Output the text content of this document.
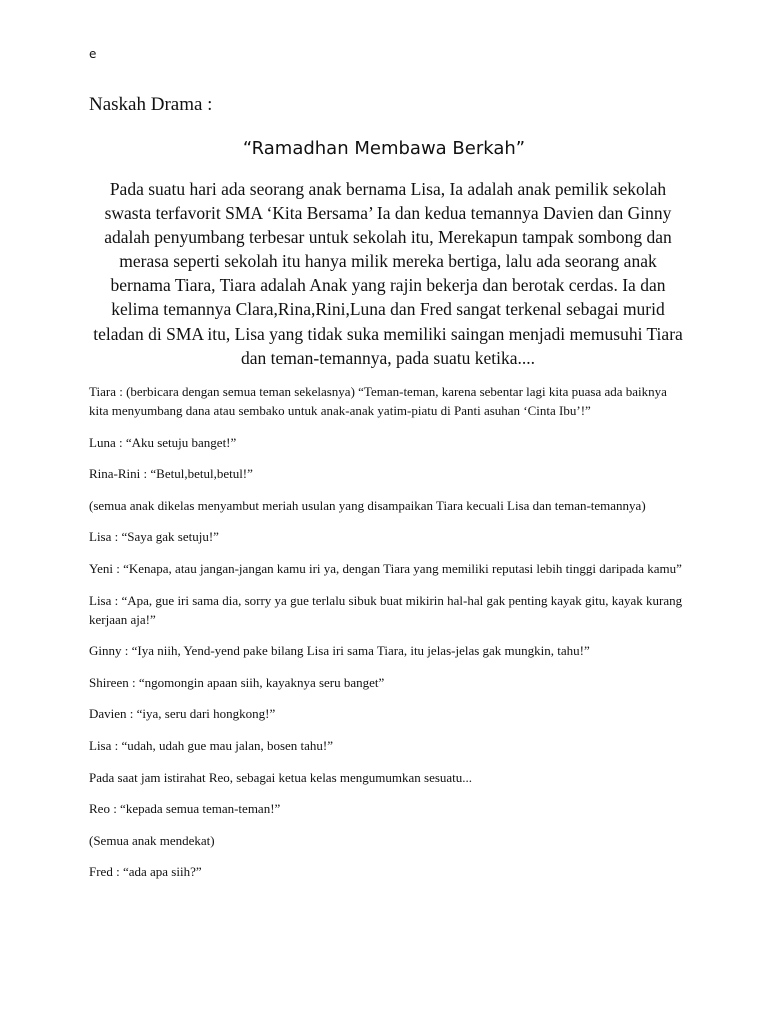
e
Naskah Drama :
“Ramadhan Membawa Berkah”
Pada suatu hari ada seorang anak bernama Lisa, Ia adalah anak pemilik sekolah swasta terfavorit SMA ‘Kita Bersama’ Ia dan kedua temannya Davien dan Ginny adalah penyumbang terbesar untuk sekolah itu, Merekapun tampak sombong dan merasa seperti sekolah itu hanya milik mereka bertiga, lalu ada seorang anak bernama Tiara, Tiara adalah Anak yang rajin bekerja dan berotak cerdas. Ia dan kelima temannya Clara,Rina,Rini,Luna dan Fred sangat terkenal sebagai murid teladan di SMA itu, Lisa yang tidak suka memiliki saingan menjadi memusuhi Tiara dan teman-temannya, pada suatu ketika....

Tiara : (berbicara dengan semua teman sekelasnya) “Teman-teman, karena sebentar lagi kita puasa ada baiknya kita menyumbang dana atau sembako untuk anak-anak yatim-piatu di Panti asuhan ‘Cinta Ibu’!”

Luna : “Aku setuju banget!”

Rina-Rini : “Betul,betul,betul!”

(semua anak dikelas menyambut meriah usulan yang disampaikan Tiara kecuali Lisa dan teman-temannya)

Lisa : “Saya gak setuju!”

Yeni : “Kenapa, atau jangan-jangan kamu iri ya, dengan Tiara yang memiliki reputasi lebih tinggi daripada kamu”

Lisa : “Apa, gue iri sama dia, sorry ya gue terlalu sibuk buat mikirin hal-hal gak penting kayak gitu, kayak kurang kerjaan aja!”

Ginny : “Iya niih, Yend-yend pake bilang Lisa iri sama Tiara, itu jelas-jelas gak mungkin, tahu!”

Shireen : “ngomongin apaan siih, kayaknya seru banget”

Davien : “iya, seru dari hongkong!”

Lisa : “udah, udah gue mau jalan, bosen tahu!”

Pada saat jam istirahat Reo, sebagai ketua kelas mengumumkan sesuatu...

Reo : “kepada semua teman-teman!”

(Semua anak mendekat)

Fred : “ada apa siih?”
